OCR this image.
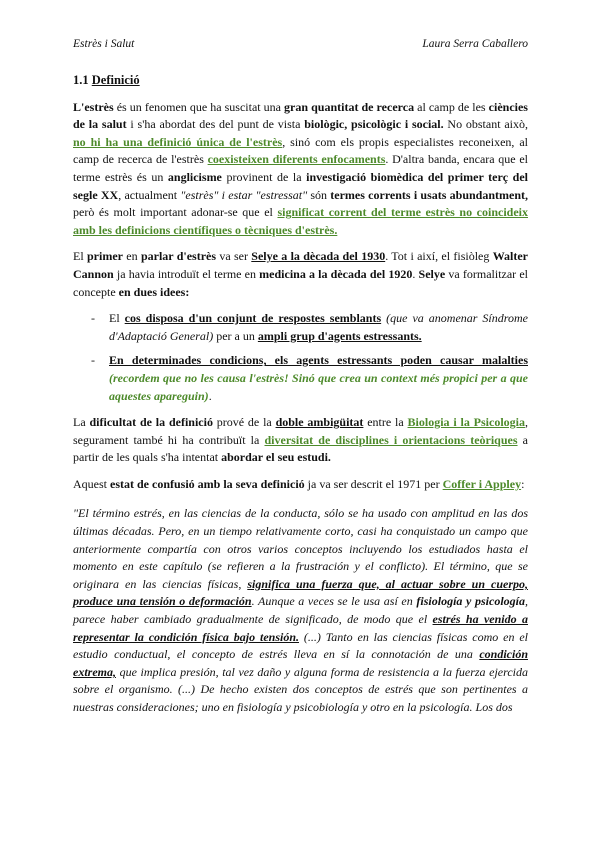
Estrès i Salut	Laura Serra Caballero
1.1 Definició

L'estrès és un fenomen que ha suscitat una gran quantitat de recerca al camp de les ciències de la salut i s'ha abordat des del punt de vista biològic, psicològic i social. No obstant això, no hi ha una definició única de l'estrès, sinó com els propis especialistes reconeixen, al camp de recerca de l'estrès coexisteixen diferents enfocaments. D'altra banda, encara que el terme estrès és un anglicisme provinent de la investigació biomèdica del primer terç del segle XX, actualment "estrès" i estar "estressat" són termes corrents i usats abundantment, però és molt important adonar-se que el significat corrent del terme estrès no coincideix amb les definicions científiques o tècniques d'estrès.

El primer en parlar d'estrès va ser Selye a la dècada del 1930. Tot i així, el fisiòleg Walter Cannon ja havia introduït el terme en medicina a la dècada del 1920. Selye va formalitzar el concepte en dues idees:

- El cos disposa d'un conjunt de respostes semblants (que va anomenar Síndrome d'Adaptació General) per a un ampli grup d'agents estressants.
- En determinades condicions, els agents estressants poden causar malalties (recordem que no les causa l'estrès! Sinó que crea un context més propici per a que aquestes apareguin).

La dificultat de la definició prové de la doble ambigüitat entre la Biologia i la Psicologia, segurament també hi ha contribuït la diversitat de disciplines i orientacions teòriques a partir de les quals s'ha intentat abordar el seu estudi.

Aquest estat de confusió amb la seva definició ja va ser descrit el 1971 per Coffer i Appley:

"El término estrés, en las ciencias de la conducta, sólo se ha usado con amplitud en las dos últimas décadas. Pero, en un tiempo relativamente corto, casi ha conquistado un campo que anteriormente compartía con otros varios conceptos incluyendo los estudiados hasta el momento en este capítulo (se refieren a la frustración y el conflicto). El término, que se originara en las ciencias físicas, significa una fuerza que, al actuar sobre un cuerpo, produce una tensión o deformación. Aunque a veces se le usa así en fisiología y psicología, parece haber cambiado gradualmente de significado, de modo que el estrés ha venido a representar la condición física bajo tensión. (...) Tanto en las ciencias físicas como en el estudio conductual, el concepto de estrés lleva en sí la connotación de una condición extrema, que implica presión, tal vez daño y alguna forma de resistencia a la fuerza ejercida sobre el organismo. (...) De hecho existen dos conceptos de estrés que son pertinentes a nuestras consideraciones; uno en fisiología y psicobiología y otro en la psicología. Los dos
